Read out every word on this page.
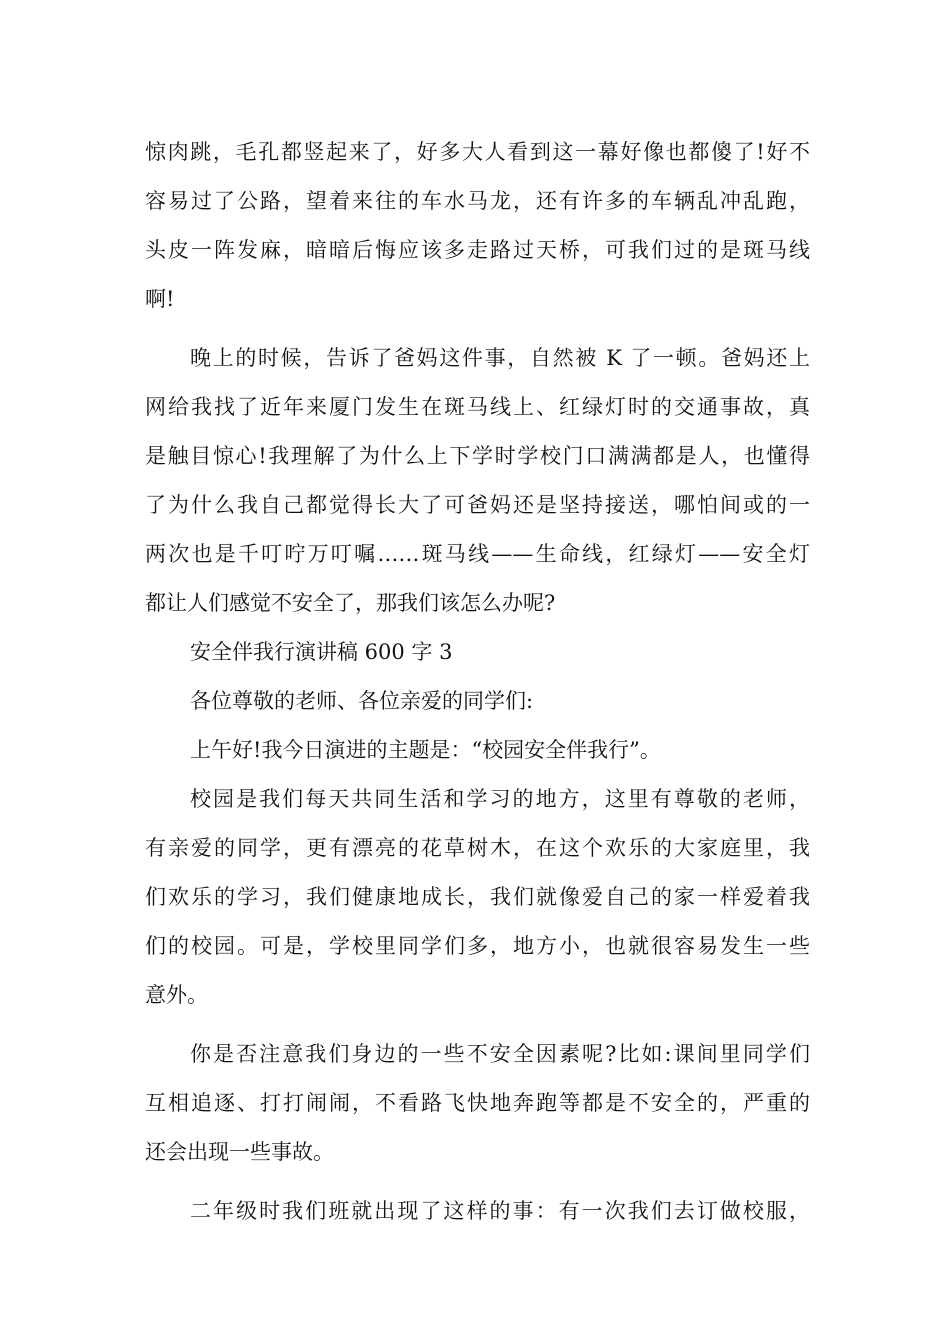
惊肉跳，毛孔都竖起来了，好多大人看到这一幕好像也都傻了!好不
容易过了公路，望着来往的车水马龙，还有许多的车辆乱冲乱跑，
头皮一阵发麻，暗暗后悔应该多走路过天桥，可我们过的是斑马线
啊!
晚上的时候，告诉了爸妈这件事，自然被 K 了一顿。爸妈还上
网给我找了近年来厦门发生在斑马线上、红绿灯时的交通事故，真
是触目惊心!我理解了为什么上下学时学校门口满满都是人，也懂得
了为什么我自己都觉得长大了可爸妈还是坚持接送，哪怕间或的一
两次也是千叮咛万叮嘱……斑马线——生命线，红绿灯——安全灯
都让人们感觉不安全了，那我们该怎么办呢?
安全伴我行演讲稿 600 字 3
各位尊敬的老师、各位亲爱的同学们:
上午好!我今日演进的主题是：“校园安全伴我行”。
校园是我们每天共同生活和学习的地方，这里有尊敬的老师，
有亲爱的同学，更有漂亮的花草树木，在这个欢乐的大家庭里，我
们欢乐的学习，我们健康地成长，我们就像爱自己的家一样爱着我
们的校园。可是，学校里同学们多，地方小，也就很容易发生一些
意外。
你是否注意我们身边的一些不安全因素呢?比如:课间里同学们
互相追逐、打打闹闹，不看路飞快地奔跑等都是不安全的，严重的
还会出现一些事故。
二年级时我们班就出现了这样的事：有一次我们去订做校服，
